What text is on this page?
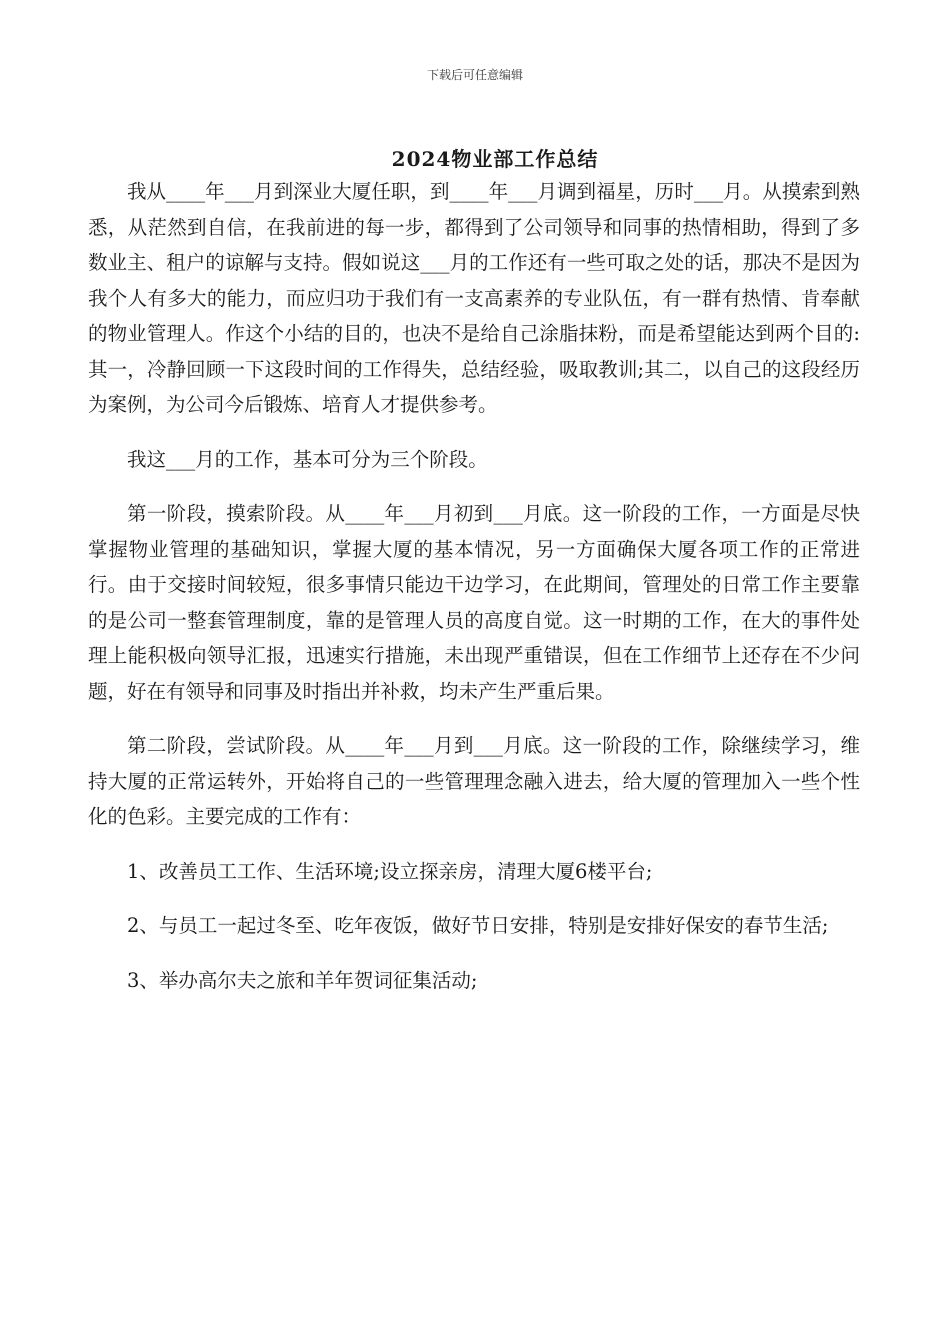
下载后可任意编辑
2024物业部工作总结

我从____年___月到深业大厦任职，到____年___月调到福星，历时___月。从摸索到熟悉，从茫然到自信，在我前进的每一步，都得到了公司领导和同事的热情相助，得到了多数业主、租户的谅解与支持。假如说这___月的工作还有一些可取之处的话，那决不是因为我个人有多大的能力，而应归功于我们有一支高素养的专业队伍，有一群有热情、肯奉献的物业管理人。作这个小结的目的，也决不是给自己涂脂抹粉，而是希望能达到两个目的:其一，冷静回顾一下这段时间的工作得失，总结经验，吸取教训;其二，以自己的这段经历为案例，为公司今后锻炼、培育人才提供参考。

我这___月的工作，基本可分为三个阶段。

第一阶段，摸索阶段。从____年___月初到___月底。这一阶段的工作，一方面是尽快掌握物业管理的基础知识，掌握大厦的基本情况，另一方面确保大厦各项工作的正常进行。由于交接时间较短，很多事情只能边干边学习，在此期间，管理处的日常工作主要靠的是公司一整套管理制度，靠的是管理人员的高度自觉。这一时期的工作，在大的事件处理上能积极向领导汇报，迅速实行措施，未出现严重错误，但在工作细节上还存在不少问题，好在有领导和同事及时指出并补救，均未产生严重后果。

第二阶段，尝试阶段。从____年___月到___月底。这一阶段的工作，除继续学习，维持大厦的正常运转外，开始将自己的一些管理理念融入进去，给大厦的管理加入一些个性化的色彩。主要完成的工作有：

1、改善员工工作、生活环境;设立探亲房，清理大厦6楼平台;

2、与员工一起过冬至、吃年夜饭，做好节日安排，特别是安排好保安的春节生活;

3、举办高尔夫之旅和羊年贺词征集活动;
